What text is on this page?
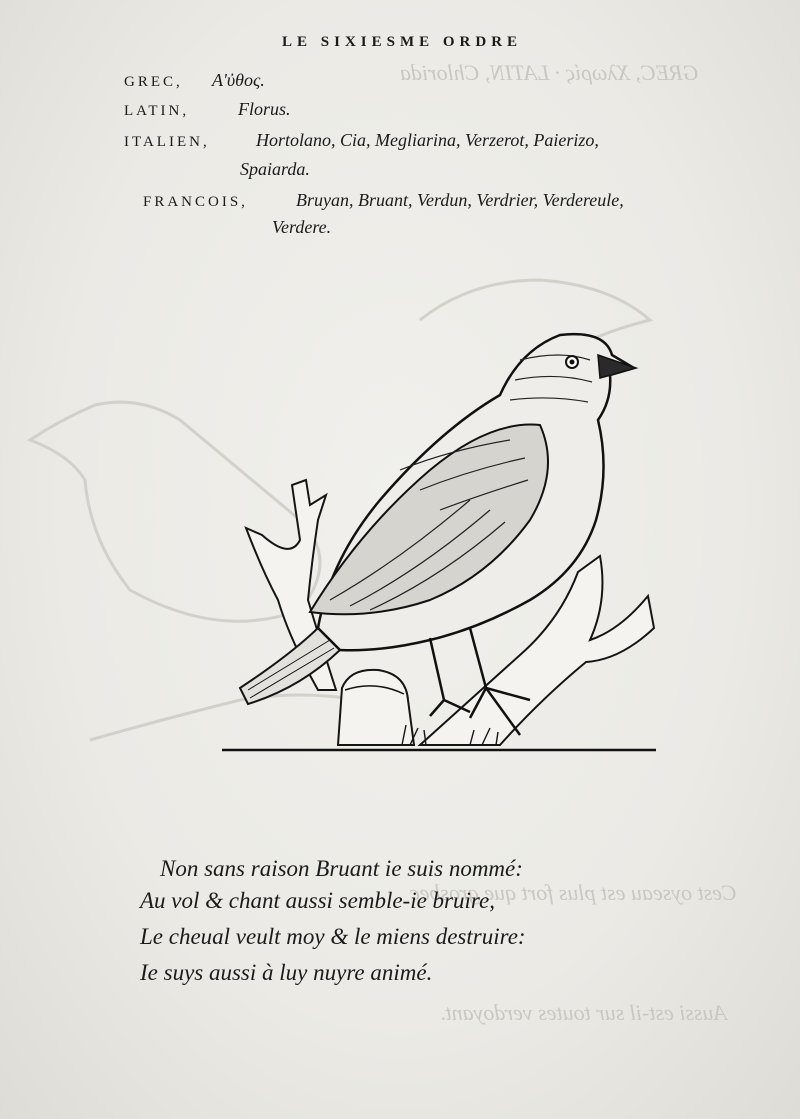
GREC, Χλωρίς · LATIN, Chlorida
Cest oyseau est plus fort que grosbec
Aussi est-il sur toutes verdoyant.
LE SIXIESME ORDRE
GREC, A'ὐθος.
LATIN,	Florus.
ITALIEN,	Hortolano, Cia, Megliarina, Verzerot, Paierizo,
Spaiarda.
FRANCOIS,	Bruyan, Bruant, Verdun, Verdrier, Verdereule,
Verdere.
Non sans raison Bruant ie suis nommé:
Au vol & chant aussi semble-ie bruire,
Le cheual veult moy & le miens destruire:
Ie suys aussi à luy nuyre animé.
